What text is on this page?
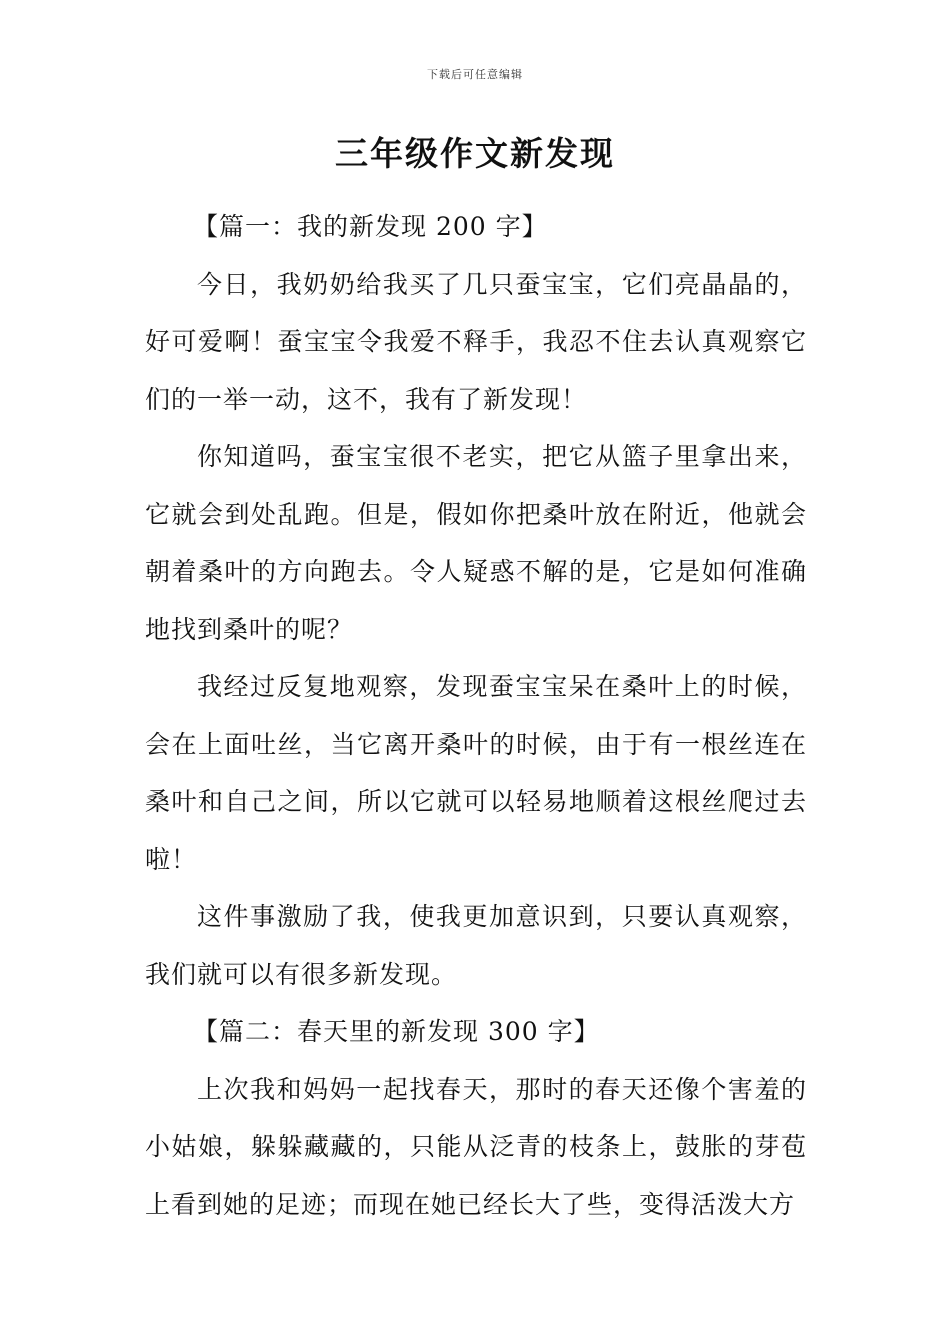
下载后可任意编辑
三年级作文新发现
【篇一：我的新发现 200 字】

今日，我奶奶给我买了几只蚕宝宝，它们亮晶晶的，好可爱啊！蚕宝宝令我爱不释手，我忍不住去认真观察它们的一举一动，这不，我有了新发现！

你知道吗，蚕宝宝很不老实，把它从篮子里拿出来，它就会到处乱跑。但是，假如你把桑叶放在附近，他就会朝着桑叶的方向跑去。令人疑惑不解的是，它是如何准确地找到桑叶的呢？

我经过反复地观察，发现蚕宝宝呆在桑叶上的时候，会在上面吐丝，当它离开桑叶的时候，由于有一根丝连在桑叶和自己之间，所以它就可以轻易地顺着这根丝爬过去啦！

这件事激励了我，使我更加意识到，只要认真观察，我们就可以有很多新发现。

【篇二：春天里的新发现 300 字】

上次我和妈妈一起找春天，那时的春天还像个害羞的小姑娘，躲躲藏藏的，只能从泛青的枝条上，鼓胀的芽苞上看到她的足迹；而现在她已经长大了些，变得活泼大方
